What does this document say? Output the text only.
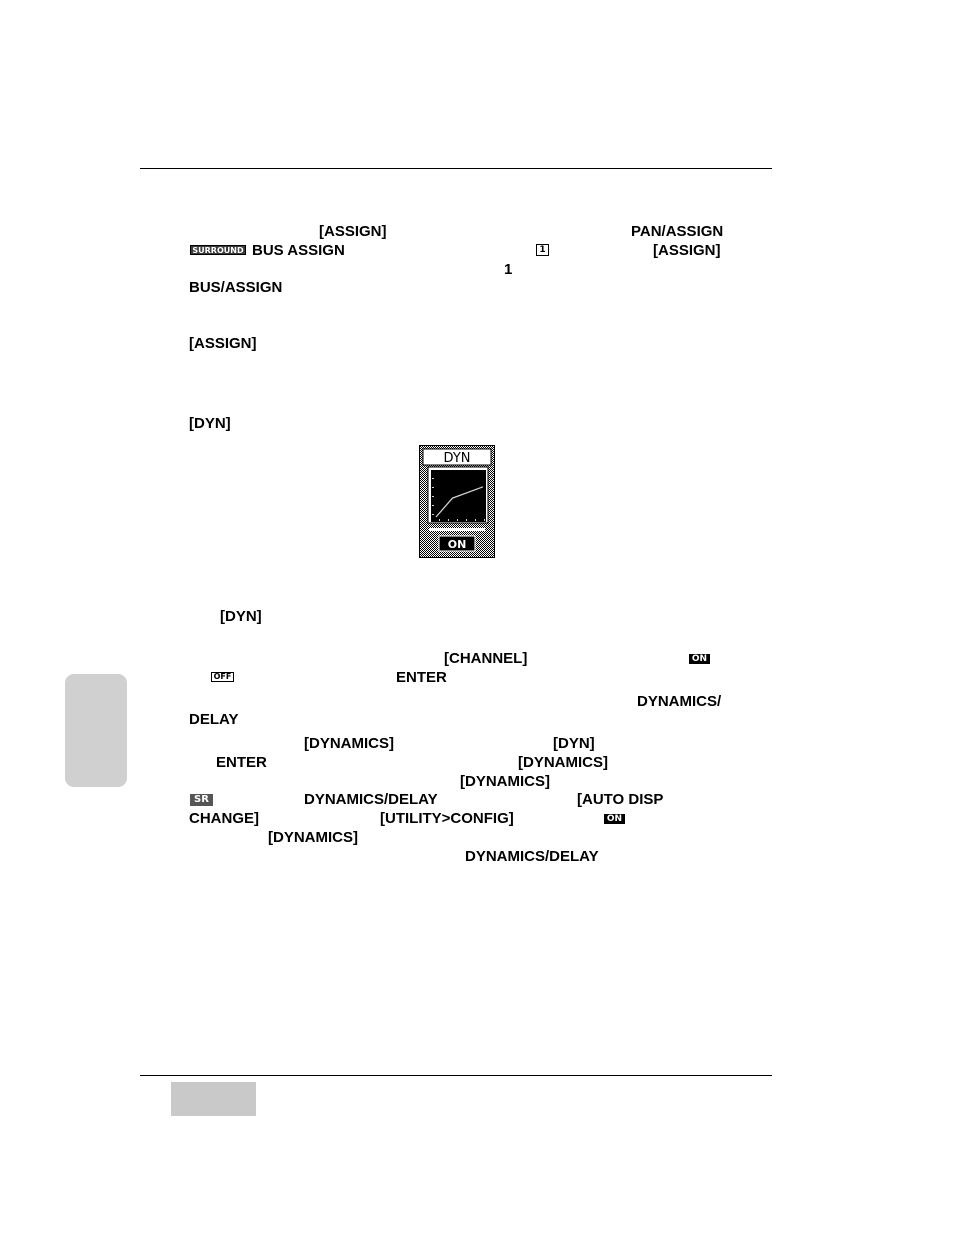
[ASSIGN]	PAN/ASSIGN
SURROUND BUS ASSIGN	1	[ASSIGN]
1
BUS/ASSIGN
[ASSIGN]
[DYN]
DYN
ON
[DYN]
[CHANNEL]	ON
OFF	ENTER
DYNAMICS/
DELAY
[DYNAMICS]	[DYN]
ENTER	[DYNAMICS]
[DYNAMICS]
SR	DYNAMICS/DELAY	[AUTO DISP
CHANGE]	[UTILITY>CONFIG]	ON
[DYNAMICS]
DYNAMICS/DELAY
